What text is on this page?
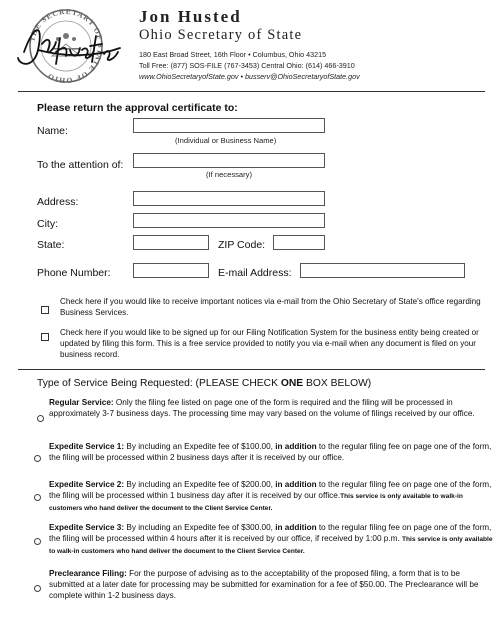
THE SECRETARY OF STATE OF OHIO
Jon Husted
Ohio Secretary of State
180 East Broad Street, 16th Floor • Columbus, Ohio 43215
Toll Free: (877) SOS-FILE (767-3453) Central Ohio: (614) 466-3910
www.OhioSecretaryofState.gov • busserv@OhioSecretaryofState.gov
Please return the approval certificate to:
Name:
(Individual or Business Name)
To the attention of:
(If necessary)
Address:
City:
State:	ZIP Code:
Phone Number:	E-mail Address:
Check here if you would like to receive important notices via e-mail from the Ohio Secretary of State's office regarding Business Services.
Check here if you would like to be signed up for our Filing Notification System for the business entity being created or updated by filing this form. This is a free service provided to notify you via e-mail when any document is filed on your business record.
Type of Service Being Requested: (PLEASE CHECK ONE BOX BELOW)
Regular Service: Only the filing fee listed on page one of the form is required and the filing will be processed in approximately 3-7 business days. The processing time may vary based on the volume of filings received by our office.
Expedite Service 1: By including an Expedite fee of $100.00, in addition to the regular filing fee on page one of the form, the filing will be processed within 2 business days after it is received by our office.
Expedite Service 2: By including an Expedite fee of $200.00, in addition to the regular filing fee on page one of the form, the filing will be processed within 1 business day after it is received by our office.This service is only available to walk-in customers who hand deliver the document to the Client Service Center.
Expedite Service 3: By including an Expedite fee of $300.00, in addition to the regular filing fee on page one of the form, the filing will be processed within 4 hours after it is received by our office, if received by 1:00 p.m. This service is only available to walk-in customers who hand deliver the document to the Client Service Center.
Preclearance Filing: For the purpose of advising as to the acceptability of the proposed filing, a form that is to be submitted at a later date for processing may be submitted for examination for a fee of $50.00. The Preclearance will be complete within 1-2 business days.
